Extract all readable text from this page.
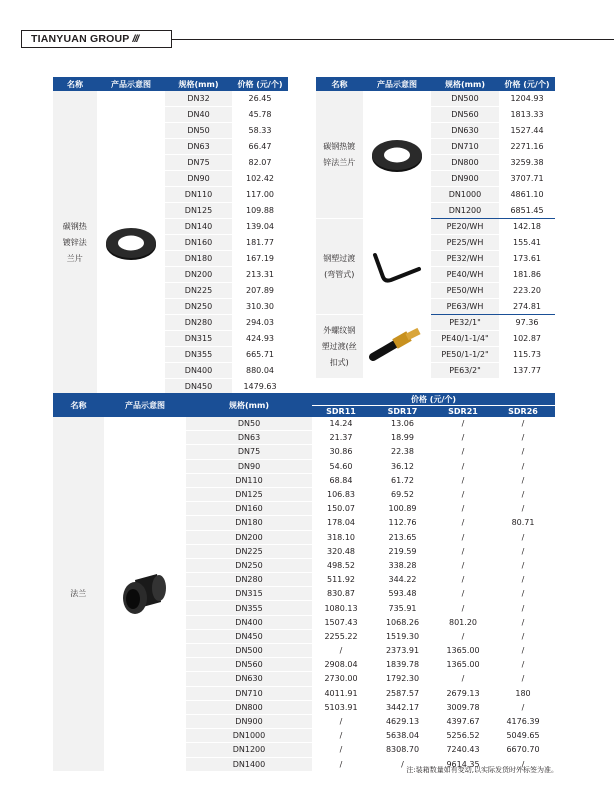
TIANYUAN GROUP ///
名称	产品示意图	规格(mm)	价格 (元/个)
碳钢热镀锌法兰片		DN32	26.45
		DN40	45.78
		DN50	58.33
		DN63	66.47
		DN75	82.07
		DN90	102.42
		DN110	117.00
		DN125	109.88
		DN140	139.04
		DN160	181.77
		DN180	167.19
		DN200	213.31
		DN225	207.89
		DN250	310.30
		DN280	294.03
		DN315	424.93
		DN355	665.71
		DN400	880.04
		DN450	1479.63
名称	产品示意图	规格(mm)	价格 (元/个)
碳钢热镀锌法兰片		DN500	1204.93
		DN560	1813.33
		DN630	1527.44
		DN710	2271.16
		DN800	3259.38
		DN900	3707.71
		DN1000	4861.10
		DN1200	6851.45
钢塑过渡(弯管式)		PE20/WH	142.18
		PE25/WH	155.41
		PE32/WH	173.61
		PE40/WH	181.86
		PE50/WH	223.20
		PE63/WH	274.81
外螺纹钢塑过渡(丝扣式)		PE32/1"	97.36
		PE40/1-1/4"	102.87
		PE50/1-1/2"	115.73
		PE63/2"	137.77
名称	产品示意图	规格(mm)	价格 (元/个)			
			SDR11	SDR17	SDR21	SDR26
法兰		DN50	14.24	13.06	/	/
		DN63	21.37	18.99	/	/
		DN75	30.86	22.38	/	/
		DN90	54.60	36.12	/	/
		DN110	68.84	61.72	/	/
		DN125	106.83	69.52	/	/
		DN160	150.07	100.89	/	/
		DN180	178.04	112.76	/	80.71
		DN200	318.10	213.65	/	/
		DN225	320.48	219.59	/	/
		DN250	498.52	338.28	/	/
		DN280	511.92	344.22	/	/
		DN315	830.87	593.48	/	/
		DN355	1080.13	735.91	/	/
		DN400	1507.43	1068.26	801.20	/
		DN450	2255.22	1519.30	/	/
		DN500	/	2373.91	1365.00	/
		DN560	2908.04	1839.78	1365.00	/
		DN630	2730.00	1792.30	/	/
		DN710	4011.91	2587.57	2679.13	180
		DN800	5103.91	3442.17	3009.78	/
		DN900	/	4629.13	4397.67	4176.39
		DN1000	/	5638.04	5256.52	5049.65
		DN1200	/	8308.70	7240.43	6670.70
		DN1400	/	/	9614.35	/
注:装箱数量如有变动,以实际发货时外标签为准。
